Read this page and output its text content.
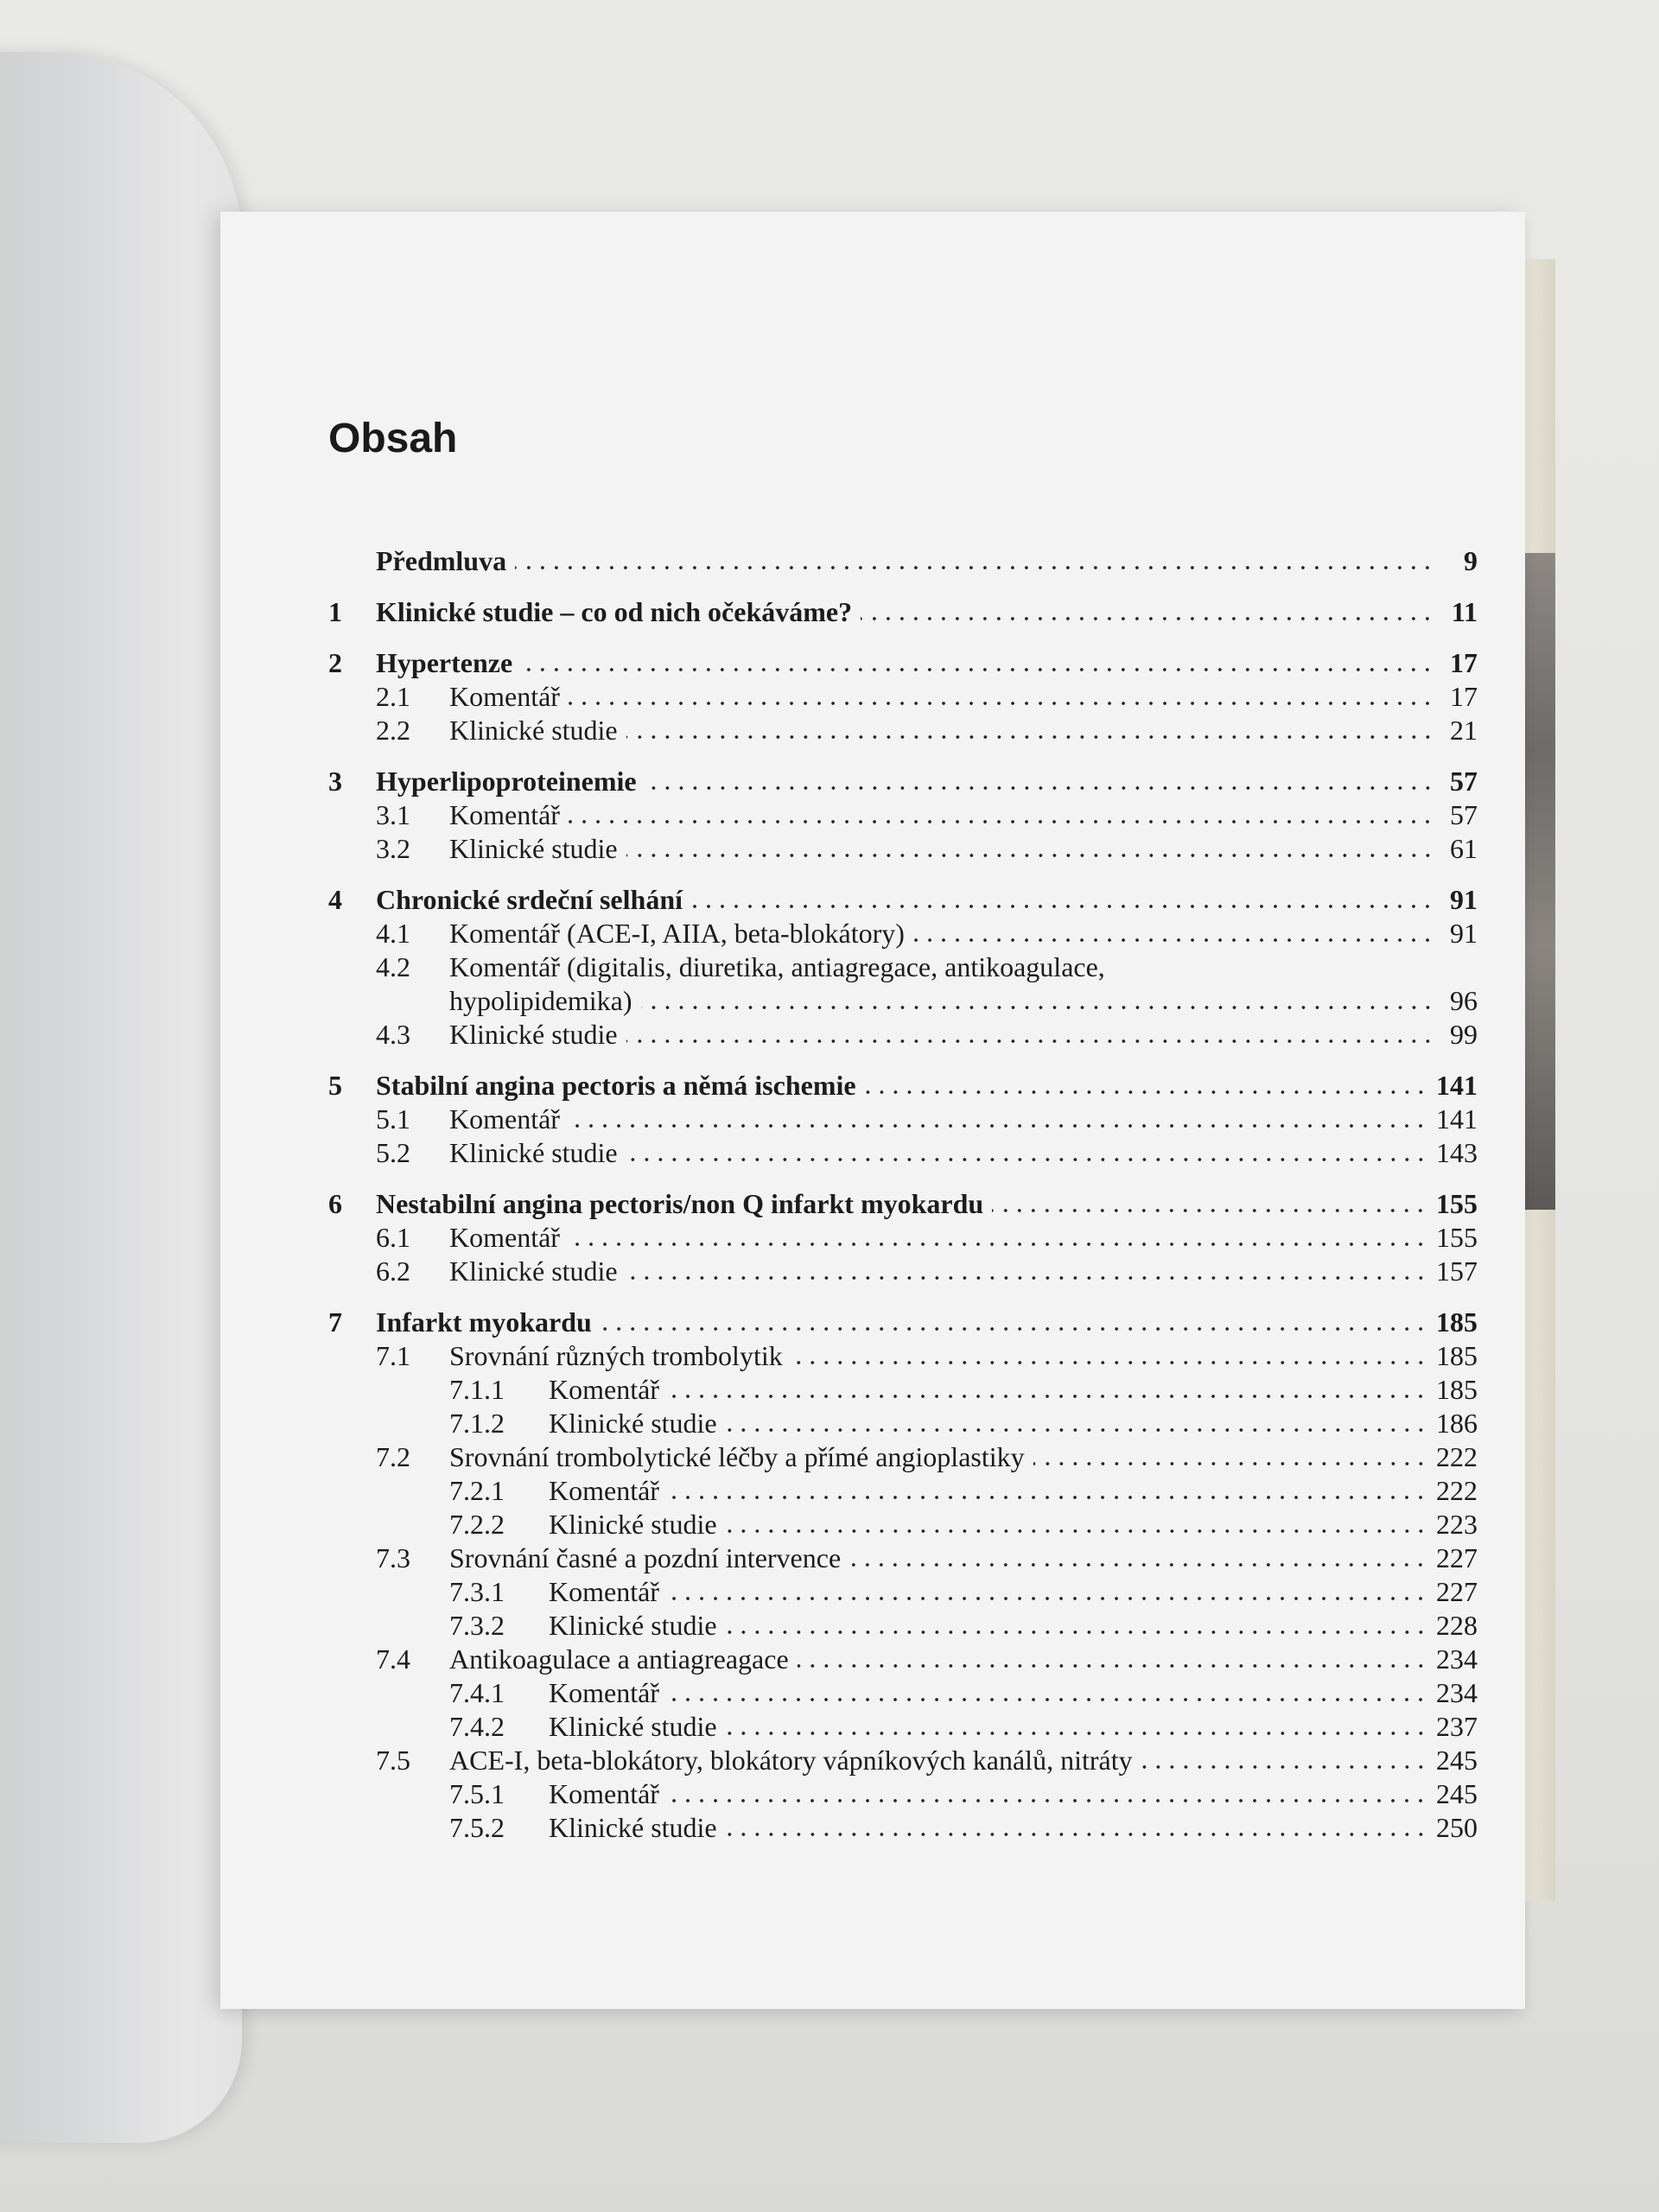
Obsah
Předmluva	9
1	Klinické studie – co od nich očekáváme?	11
2	Hypertenze	17
2.1	Komentář	17
2.2	Klinické studie	21
3	Hyperlipoproteinemie	57
3.1	Komentář	57
3.2	Klinické studie	61
4	Chronické srdeční selhání	91
4.1	Komentář (ACE-I, AIIA, beta-blokátory)	91
4.2	Komentář (digitalis, diuretika, antiagregace, antikoagulace,
hypolipidemika)	96
4.3	Klinické studie	99
5	Stabilní angina pectoris a němá ischemie	141
5.1	Komentář	141
5.2	Klinické studie	143
6	Nestabilní angina pectoris/non Q infarkt myokardu	155
6.1	Komentář	155
6.2	Klinické studie	157
7	Infarkt myokardu	185
7.1	Srovnání různých trombolytik	185
7.1.1	Komentář	185
7.1.2	Klinické studie	186
7.2	Srovnání trombolytické léčby a přímé angioplastiky	222
7.2.1	Komentář	222
7.2.2	Klinické studie	223
7.3	Srovnání časné a pozdní intervence	227
7.3.1	Komentář	227
7.3.2	Klinické studie	228
7.4	Antikoagulace a antiagreagace	234
7.4.1	Komentář	234
7.4.2	Klinické studie	237
7.5	ACE-I, beta-blokátory, blokátory vápníkových kanálů, nitráty	245
7.5.1	Komentář	245
7.5.2	Klinické studie	250
